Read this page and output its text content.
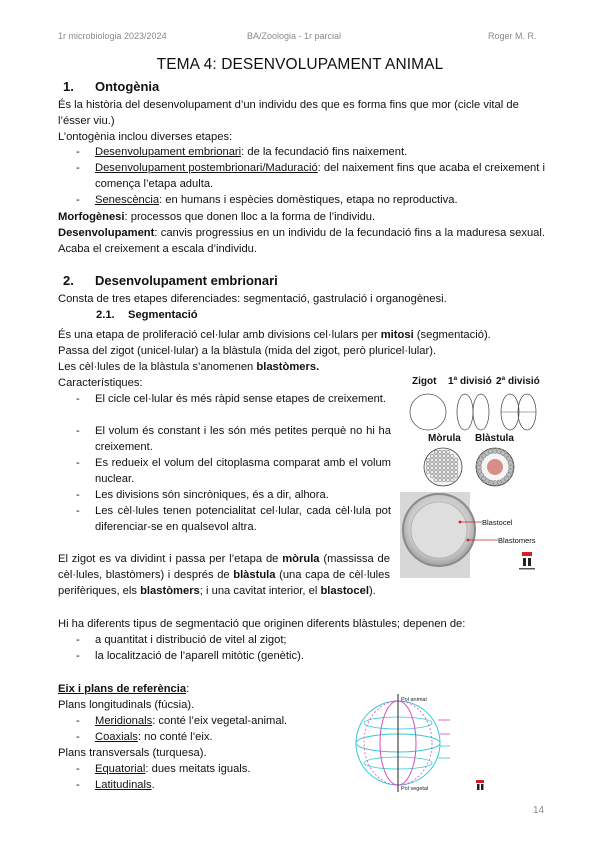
1r microbiologia 2023/2024	BA/Zoologia - 1r parcial	Roger M. R.
TEMA 4: DESENVOLUPAMENT ANIMAL
1. Ontogènia
És la història del desenvolupament d’un individu des que es forma fins que mor (cicle vital de l’ésser viu.)
L’ontogènia inclou diverses etapes:
- Desenvolupament embrionari: de la fecundació fins naixement.
- Desenvolupament postembrionari/Maduració: del naixement fins que acaba el creixement i comença l’etapa adulta.
- Senescència: en humans i espècies domèstiques, etapa no reproductiva.
Morfogènesi: processos que donen lloc a la forma de l’individu.
Desenvolupament: canvis progressius en un individu de la fecundació fins a la maduresa sexual. Acaba el creixement a escala d’individu.
2. Desenvolupament embrionari
Consta de tres etapes diferenciades: segmentació, gastrulació i organogènesi.
2.1. Segmentació
És una etapa de proliferació cel·lular amb divisions cel·lulars per mitosi (segmentació).
Passa del zigot (unicel·lular) a la blàstula (mida del zigot, però pluricel·lular).
Les cèl·lules de la blàstula s’anomenen blastòmers.
Característiques:
- El cicle cel·lular és més ràpid sense etapes de creixement.
- El volum és constant i les són més petites perquè no hi ha creixement.
- Es redueix el volum del citoplasma comparat amb el volum nuclear.
- Les divisions són sincròniques, és a dir, alhora.
- Les cèl·lules tenen potencialitat cel·lular, cada cèl·lula pot diferenciar-se en qualsevol altra.
El zigot es va dividint i passa per l’etapa de mòrula (massissa de cèl·lules, blastòmers) i després de blàstula (una capa de cèl·lules perifèriques, els blastòmers; i una cavitat interior, el blastocel).
Hi ha diferents tipus de segmentació que originen diferents blàstules; depenen de:
- a quantitat i distribució de vitel al zigot;
- la localització de l’aparell mitòtic (genètic).
Eix i plans de referència:
Plans longitudinals (fúcsia).
- Meridionals: conté l’eix vegetal-animal.
- Coaxials: no conté l’eix.
Plans transversals (turquesa).
- Equatorial: dues meitats iguals.
- Latitudinals.
Zigot 1ª divisió 2ª divisió
Mòrula Blàstula
Blastocel
Blastomers
Pol animal
Pol vegetal
14
